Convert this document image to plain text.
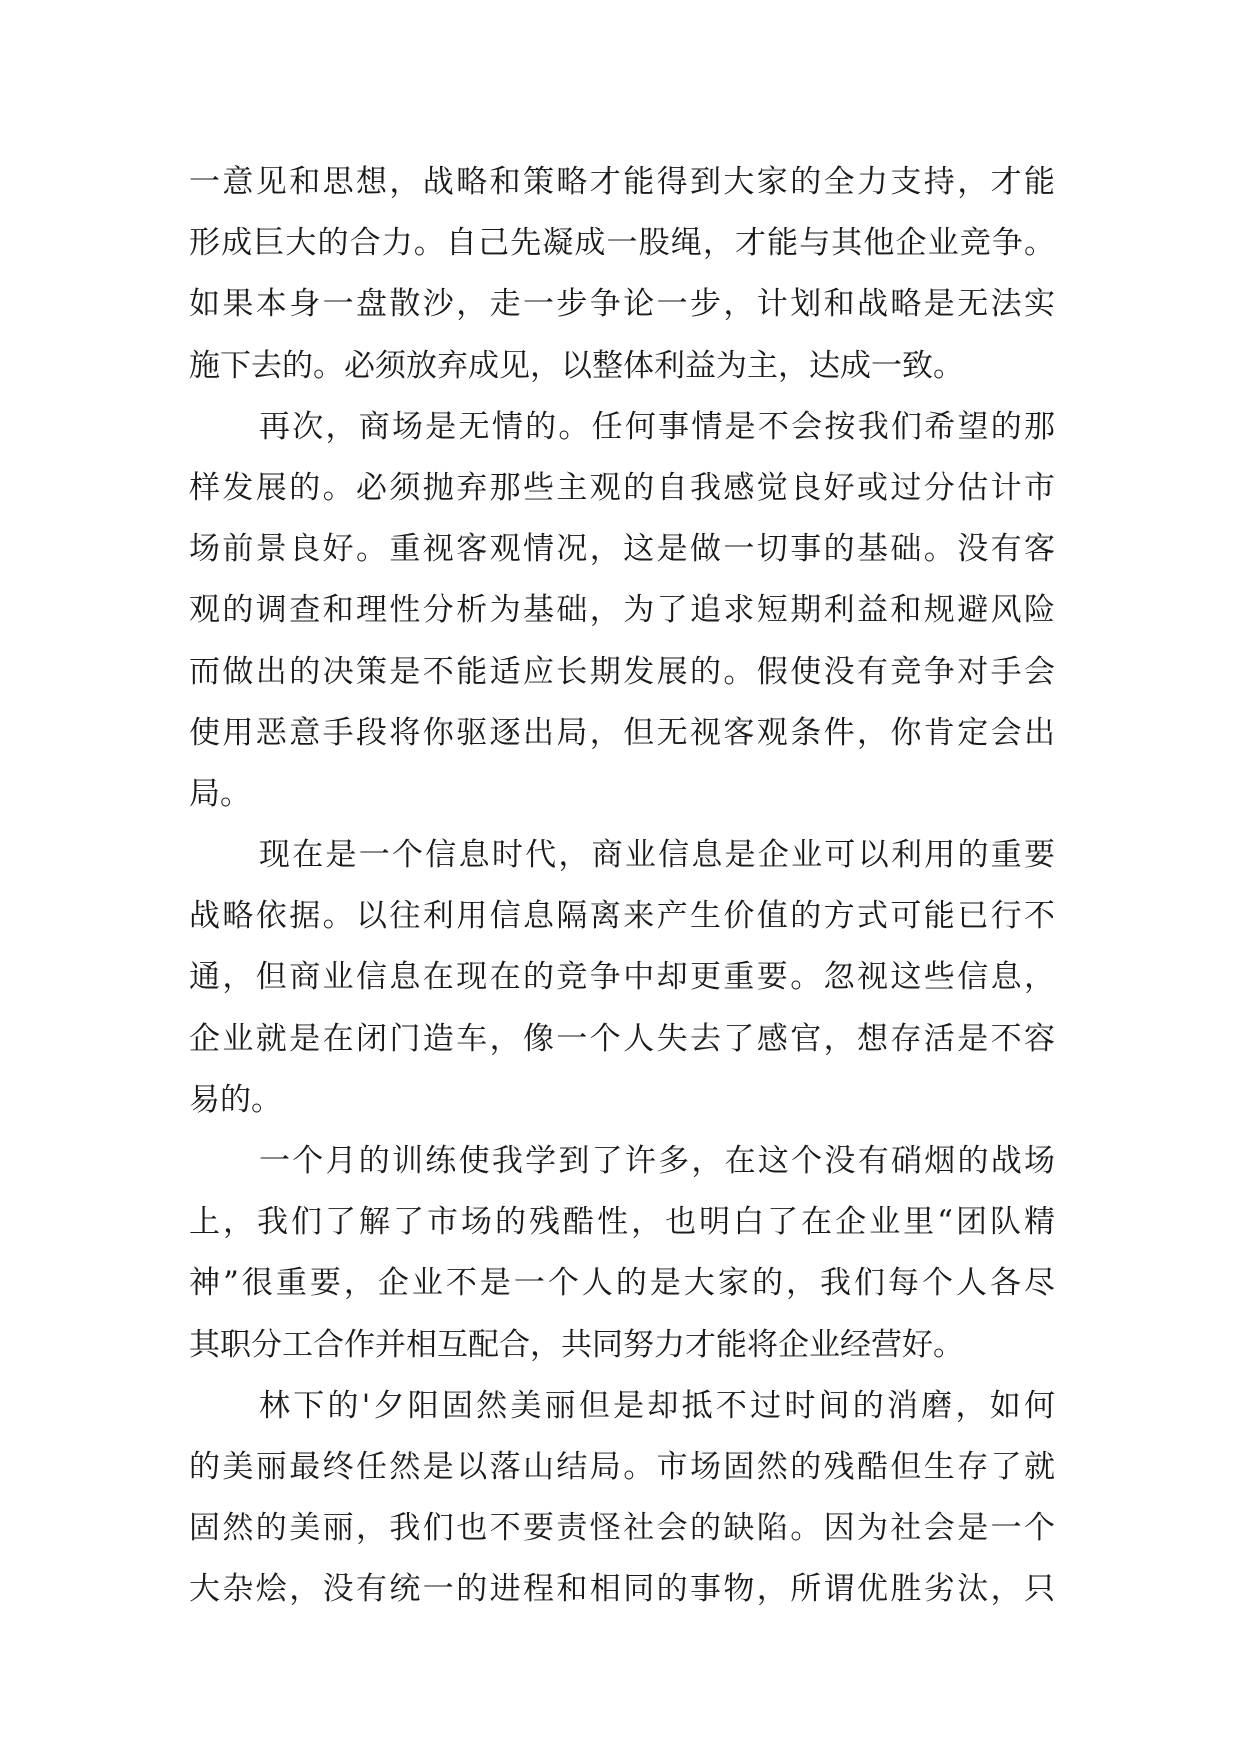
一意见和思想，战略和策略才能得到大家的全力支持，才能
形成巨大的合力。自己先凝成一股绳，才能与其他企业竞争。
如果本身一盘散沙，走一步争论一步，计划和战略是无法实
施下去的。必须放弃成见，以整体利益为主，达成一致。
再次，商场是无情的。任何事情是不会按我们希望的那
样发展的。必须抛弃那些主观的自我感觉良好或过分估计市
场前景良好。重视客观情况，这是做一切事的基础。没有客
观的调查和理性分析为基础，为了追求短期利益和规避风险
而做出的决策是不能适应长期发展的。假使没有竞争对手会
使用恶意手段将你驱逐出局，但无视客观条件，你肯定会出
局。
现在是一个信息时代，商业信息是企业可以利用的重要
战略依据。以往利用信息隔离来产生价值的方式可能已行不
通，但商业信息在现在的竞争中却更重要。忽视这些信息，
企业就是在闭门造车，像一个人失去了感官，想存活是不容
易的。
一个月的训练使我学到了许多，在这个没有硝烟的战场
上，我们了解了市场的残酷性，也明白了在企业里“团队精
神”很重要，企业不是一个人的是大家的，我们每个人各尽
其职分工合作并相互配合，共同努力才能将企业经营好。
林下的'夕阳固然美丽但是却抵不过时间的消磨，如何
的美丽最终任然是以落山结局。市场固然的残酷但生存了就
固然的美丽，我们也不要责怪社会的缺陷。因为社会是一个
大杂烩，没有统一的进程和相同的事物，所谓优胜劣汰，只
